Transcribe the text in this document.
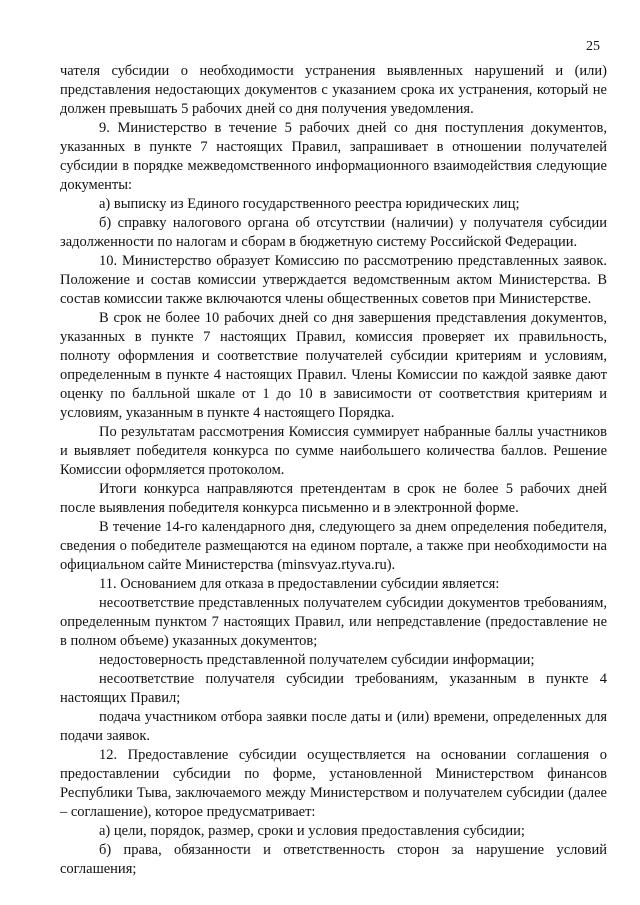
25

чателя субсидии о необходимости устранения выявленных нарушений и (или) представления недостающих документов с указанием срока их устранения, который не должен превышать 5 рабочих дней со дня получения уведомления.

9. Министерство в течение 5 рабочих дней со дня поступления документов, указанных в пункте 7 настоящих Правил, запрашивает в отношении получателей субсидии в порядке межведомственного информационного взаимодействия следующие документы:

а) выписку из Единого государственного реестра юридических лиц;

б) справку налогового органа об отсутствии (наличии) у получателя субсидии задолженности по налогам и сборам в бюджетную систему Российской Федерации.

10. Министерство образует Комиссию по рассмотрению представленных заявок. Положение и состав комиссии утверждается ведомственным актом Министерства. В состав комиссии также включаются члены общественных советов при Министерстве.

В срок не более 10 рабочих дней со дня завершения представления документов, указанных в пункте 7 настоящих Правил, комиссия проверяет их правильность, полноту оформления и соответствие получателей субсидии критериям и условиям, определенным в пункте 4 настоящих Правил. Члены Комиссии по каждой заявке дают оценку по балльной шкале от 1 до 10 в зависимости от соответствия критериям и условиям, указанным в пункте 4 настоящего Порядка.

По результатам рассмотрения Комиссия суммирует набранные баллы участников и выявляет победителя конкурса по сумме наибольшего количества баллов. Решение Комиссии оформляется протоколом.

Итоги конкурса направляются претендентам в срок не более 5 рабочих дней после выявления победителя конкурса письменно и в электронной форме.

В течение 14-го календарного дня, следующего за днем определения победителя, сведения о победителе размещаются на едином портале, а также при необходимости на официальном сайте Министерства (minsvyaz.rtyva.ru).

11. Основанием для отказа в предоставлении субсидии является:

несоответствие представленных получателем субсидии документов требованиям, определенным пунктом 7 настоящих Правил, или непредставление (предоставление не в полном объеме) указанных документов;

недостоверность представленной получателем субсидии информации;

несоответствие получателя субсидии требованиям, указанным в пункте 4 настоящих Правил;

подача участником отбора заявки после даты и (или) времени, определенных для подачи заявок.

12. Предоставление субсидии осуществляется на основании соглашения о предоставлении субсидии по форме, установленной Министерством финансов Республики Тыва, заключаемого между Министерством и получателем субсидии (далее – соглашение), которое предусматривает:

а) цели, порядок, размер, сроки и условия предоставления субсидии;

б) права, обязанности и ответственность сторон за нарушение условий соглашения;
